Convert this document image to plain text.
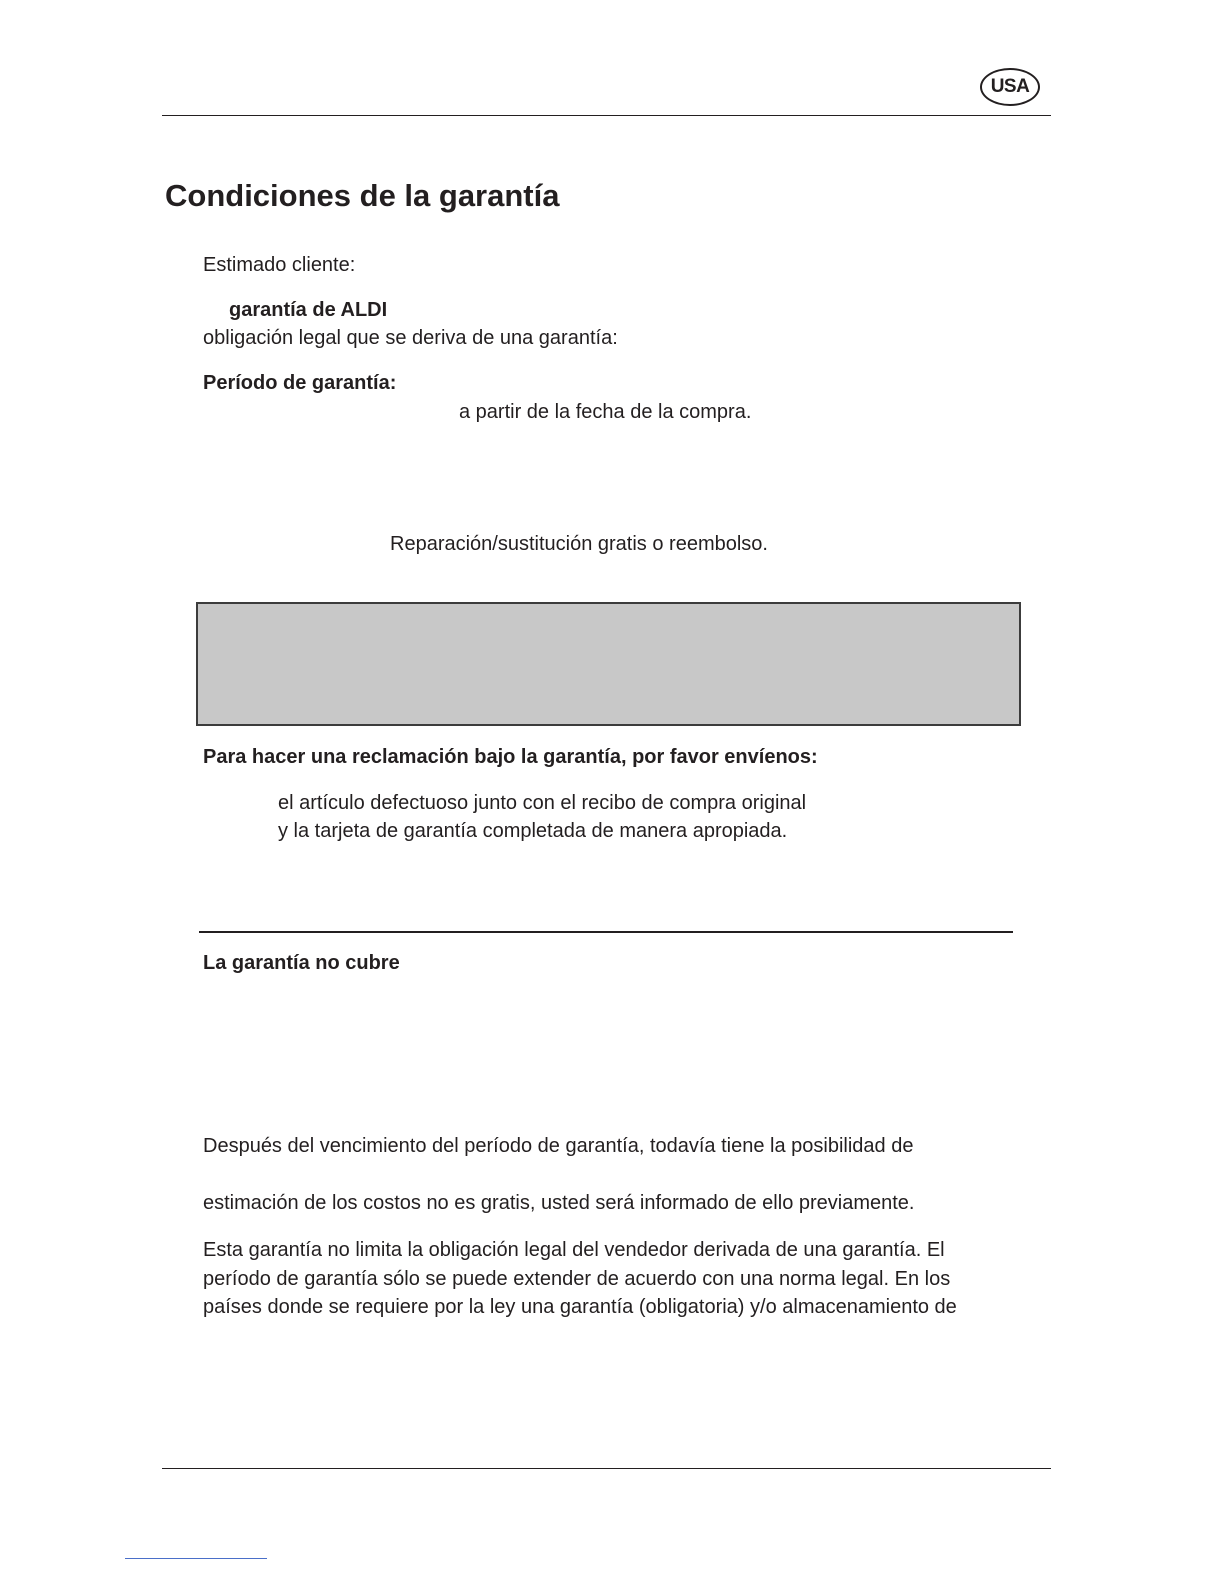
USA
Condiciones de la garantía
Estimado cliente:
garantía de ALDI
obligación legal que se deriva de una garantía:
Período de garantía:
a partir de la fecha de la compra.
Reparación/sustitución gratis o reembolso.
Para hacer una reclamación bajo la garantía, por favor envíenos:
el artículo defectuoso junto con el recibo de compra original
y la tarjeta de garantía completada de manera apropiada.
La garantía no cubre
Después del vencimiento del período de garantía, todavía tiene la posibilidad de
estimación de los costos no es gratis, usted será informado de ello previamente.
Esta garantía no limita la obligación legal del vendedor derivada de una garantía. El
período de garantía sólo se puede extender de acuerdo con una norma legal. En los
países donde se requiere por la ley una garantía (obligatoria) y/o almacenamiento de
